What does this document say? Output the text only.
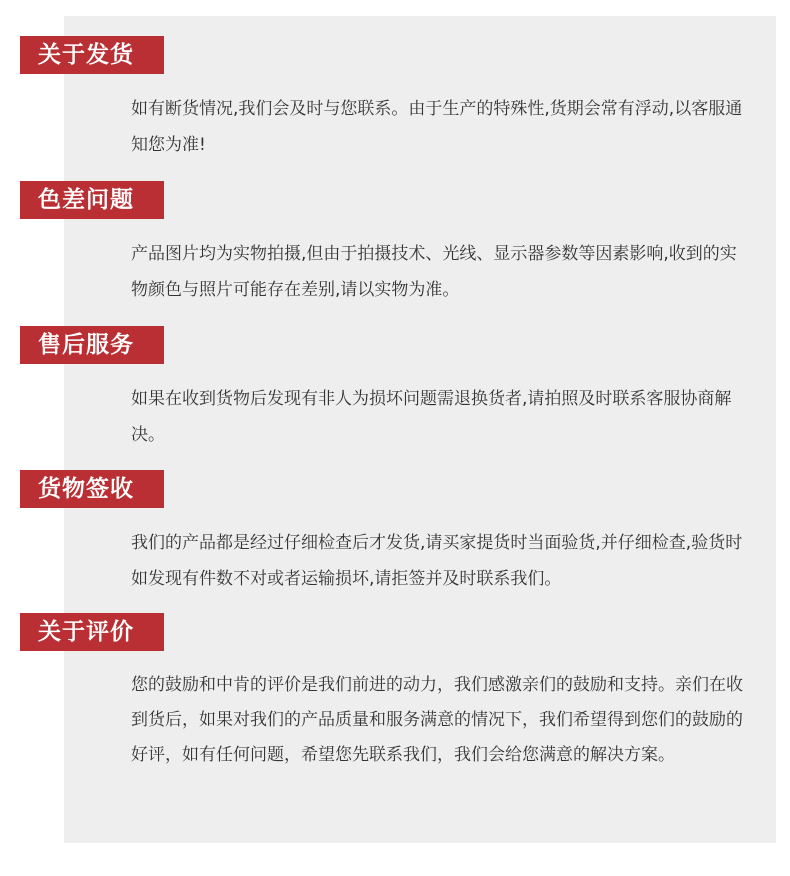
关于发货

如有断货情况,我们会及时与您联系。由于生产的特殊性,货期会常有浮动,以客服通知您为准!

色差问题

产品图片均为实物拍摄,但由于拍摄技术、光线、显示器参数等因素影响,收到的实物颜色与照片可能存在差别,请以实物为准。

售后服务

如果在收到货物后发现有非人为损坏问题需退换货者,请拍照及时联系客服协商解决。

货物签收

我们的产品都是经过仔细检查后才发货,请买家提货时当面验货,并仔细检查,验货时如发现有件数不对或者运输损坏,请拒签并及时联系我们。

关于评价

您的鼓励和中肯的评价是我们前进的动力，我们感激亲们的鼓励和支持。亲们在收到货后，如果对我们的产品质量和服务满意的情况下，我们希望得到您们的鼓励的好评，如有任何问题，希望您先联系我们，我们会给您满意的解决方案。
